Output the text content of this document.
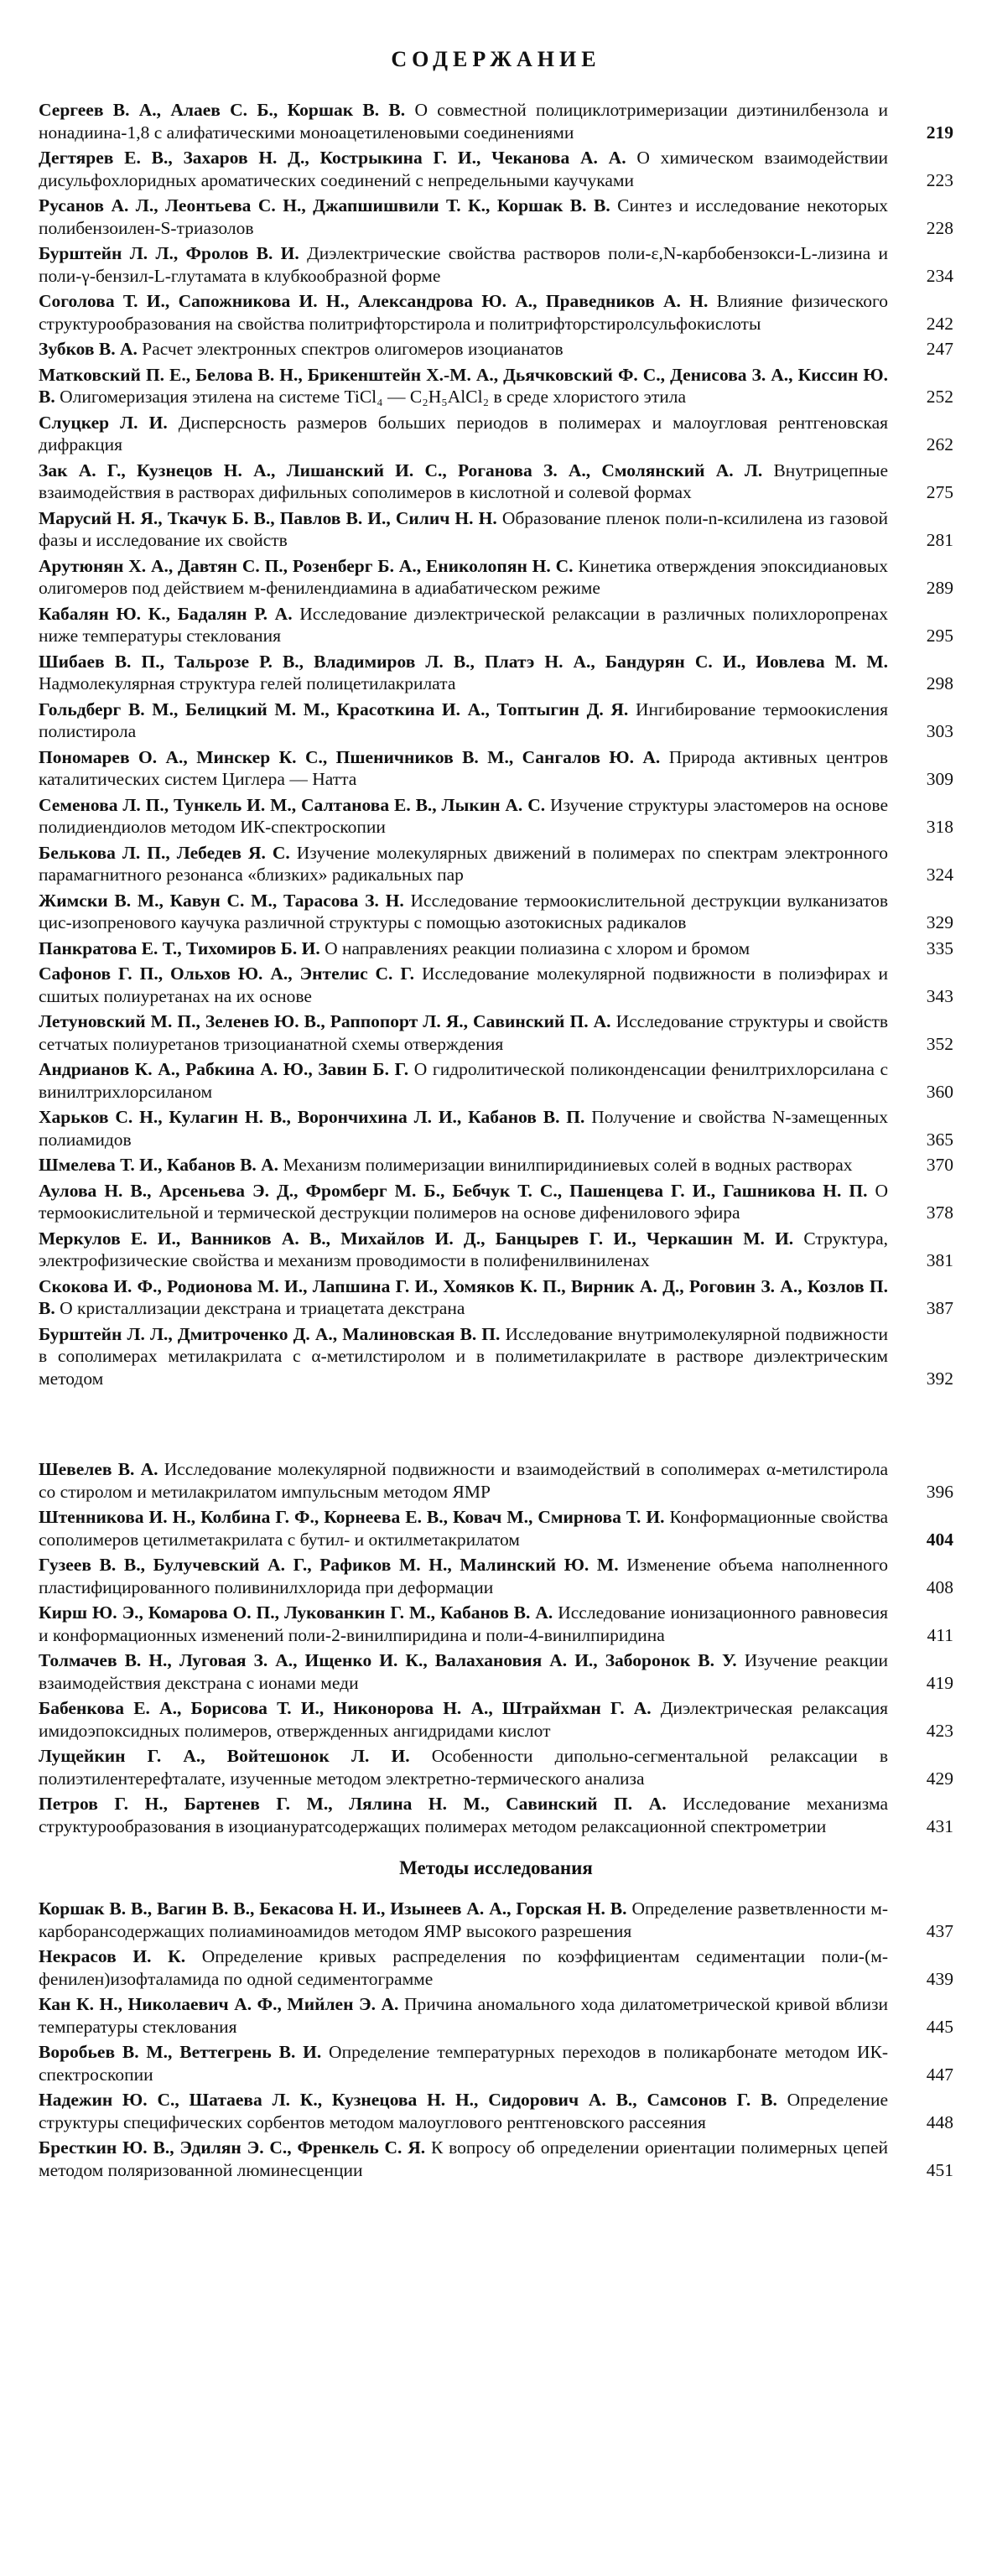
СОДЕРЖАНИЕ
Сергеев В. А., Алаев С. Б., Коршак В. В. О совместной полициклотримеризации диэтинилбензола и нонадиина-1,8 с алифатическими моноацетиленовыми соединениями	219
Дегтярев Е. В., Захаров Н. Д., Кострыкина Г. И., Чеканова А. А. О химическом взаимодействии дисульфохлоридных ароматических соединений с непредельными каучуками	223
Русанов А. Л., Леонтьева С. Н., Джапшишвили Т. К., Коршак В. В. Синтез и исследование некоторых полибензоилен-S-триазолов	228
Бурштейн Л. Л., Фролов В. И. Диэлектрические свойства растворов поли-ε,N-карбобензокси-L-лизина и поли-γ-бензил-L-глутамата в клубкообразной форме	234
Соголова Т. И., Сапожникова И. Н., Александрова Ю. А., Праведников А. Н. Влияние физического структурообразования на свойства политрифторстирола и политрифторстиролсульфокислоты	242
Зубков В. А. Расчет электронных спектров олигомеров изоцианатов	247
Матковский П. Е., Белова В. Н., Брикенштейн Х.-М. А., Дьячковский Ф. С., Денисова З. А., Киссин Ю. В. Олигомеризация этилена на системе TiCl₄ — C₂H₅AlCl₂ в среде хлористого этила	252
Слуцкер Л. И. Дисперсность размеров больших периодов в полимерах и малоугловая рентгеновская дифракция	262
Зак А. Г., Кузнецов Н. А., Лишанский И. С., Роганова З. А., Смолянский А. Л. Внутрицепные взаимодействия в растворах дифильных сополимеров в кислотной и солевой формах	275
Марусий Н. Я., Ткачук Б. В., Павлов В. И., Силич Н. Н. Образование пленок поли-n-ксилилена из газовой фазы и исследование их свойств	281
Арутюнян Х. А., Давтян С. П., Розенберг Б. А., Ениколопян Н. С. Кинетика отверждения эпоксидиановых олигомеров под действием м-фенилендиамина в адиабатическом режиме	289
Кабалян Ю. К., Бадалян Р. А. Исследование диэлектрической релаксации в различных полихлоропренах ниже температуры стеклования	295
Шибаев В. П., Тальрозе Р. В., Владимиров Л. В., Платэ Н. А., Бандурян С. И., Иовлева М. М. Надмолекулярная структура гелей полицетилакрилата	298
Гольдберг В. М., Белицкий М. М., Красоткина И. А., Топтыгин Д. Я. Ингибирование термоокисления полистирола	303
Пономарев О. А., Минскер К. С., Пшеничников В. М., Сангалов Ю. А. Природа активных центров каталитических систем Циглера — Натта	309
Семенова Л. П., Тункель И. М., Салтанова Е. В., Лыкин А. С. Изучение структуры эластомеров на основе полидиендиолов методом ИК-спектроскопии	318
Белькова Л. П., Лебедев Я. С. Изучение молекулярных движений в полимерах по спектрам электронного парамагнитного резонанса «близких» радикальных пар	324
Жимски В. М., Кавун С. М., Тарасова З. Н. Исследование термоокислительной деструкции вулканизатов цис-изопренового каучука различной структуры с помощью азотокисных радикалов	329
Панкратова Е. Т., Тихомиров Б. И. О направлениях реакции полиазина с хлором и бромом	335
Сафонов Г. П., Ольхов Ю. А., Энтелис С. Г. Исследование молекулярной подвижности в полиэфирах и сшитых полиуретанах на их основе	343
Летуновский М. П., Зеленев Ю. В., Раппопорт Л. Я., Савинский П. А. Исследование структуры и свойств сетчатых полиуретанов тризоцианатной схемы отверждения	352
Андрианов К. А., Рабкина А. Ю., Завин Б. Г. О гидролитической поликонденсации фенилтрихлорсилана с винилтрихлорсиланом	360
Харьков С. Н., Кулагин Н. В., Ворончихина Л. И., Кабанов В. П. Получение и свойства N-замещенных полиамидов	365
Шмелева Т. И., Кабанов В. А. Механизм полимеризации винилпиридиниевых солей в водных растворах	370
Аулова Н. В., Арсеньева Э. Д., Фромберг М. Б., Бебчук Т. С., Пашенцева Г. И., Гашникова Н. П. О термоокислительной и термической деструкции полимеров на основе дифенилового эфира	378
Меркулов Е. И., Ванников А. В., Михайлов И. Д., Банцырев Г. И., Черкашин М. И. Структура, электрофизические свойства и механизм проводимости в полифенилвиниленах	381
Скокова И. Ф., Родионова М. И., Лапшина Г. И., Хомяков К. П., Вирник А. Д., Роговин З. А., Козлов П. В. О кристаллизации декстрана и триацетата декстрана	387
Бурштейн Л. Л., Дмитроченко Д. А., Малиновская В. П. Исследование внутримолекулярной подвижности в сополимерах метилакрилата с α-метилстиролом и в полиметилакрилате в растворе диэлектрическим методом	392
Шевелев В. А. Исследование молекулярной подвижности и взаимодействий в сополимерах α-метилстирола со стиролом и метилакрилатом импульсным методом ЯМР	396
Штенникова И. Н., Колбина Г. Ф., Корнеева Е. В., Ковач М., Смирнова Т. И. Конформационные свойства сополимеров цетилметакрилата с бутил- и октилметакрилатом	404
Гузеев В. В., Булучевский А. Г., Рафиков М. Н., Малинский Ю. М. Изменение объема наполненного пластифицированного поливинилхлорида при деформации	408
Кирш Ю. Э., Комарова О. П., Лукованкин Г. М., Кабанов В. А. Исследование ионизационного равновесия и конформационных изменений поли-2-винилпиридина и поли-4-винилпиридина	411
Толмачев В. Н., Луговая З. А., Ищенко И. К., Валахановия А. И., Заборонок В. У. Изучение реакции взаимодействия декстрана с ионами меди	419
Бабенкова Е. А., Борисова Т. И., Никонорова Н. А., Штрайхман Г. А. Диэлектрическая релаксация имидоэпоксидных полимеров, отвержденных ангидридами кислот	423
Лущейкин Г. А., Войтешонок Л. И. Особенности дипольно-сегментальной релаксации в полиэтилентерефталате, изученные методом электретно-термического анализа	429
Петров Г. Н., Бартенев Г. М., Лялина Н. М., Савинский П. А. Исследование механизма структурообразования в изоциануратсодержащих полимерах методом релаксационной спектрометрии	431
Методы исследования
Коршак В. В., Вагин В. В., Бекасова Н. И., Изынеев А. А., Горская Н. В. Определение разветвленности м-карборансодержащих полиаминоамидов методом ЯМР высокого разрешения	437
Некрасов И. К. Определение кривых распределения по коэффициентам седиментации поли-(м-фенилен)изофталамида по одной седиментограмме	439
Кан К. Н., Николаевич А. Ф., Мийлен Э. А. Причина аномального хода дилатометрической кривой вблизи температуры стеклования	445
Воробьев В. М., Веттегрень В. И. Определение температурных переходов в поликарбонате методом ИК-спектроскопии	447
Надежин Ю. С., Шатаева Л. К., Кузнецова Н. Н., Сидорович А. В., Самсонов Г. В. Определение структуры специфических сорбентов методом малоуглового рентгеновского рассеяния	448
Бресткин Ю. В., Эдилян Э. С., Френкель С. Я. К вопросу об определении ориентации полимерных цепей методом поляризованной люминесценции	451
